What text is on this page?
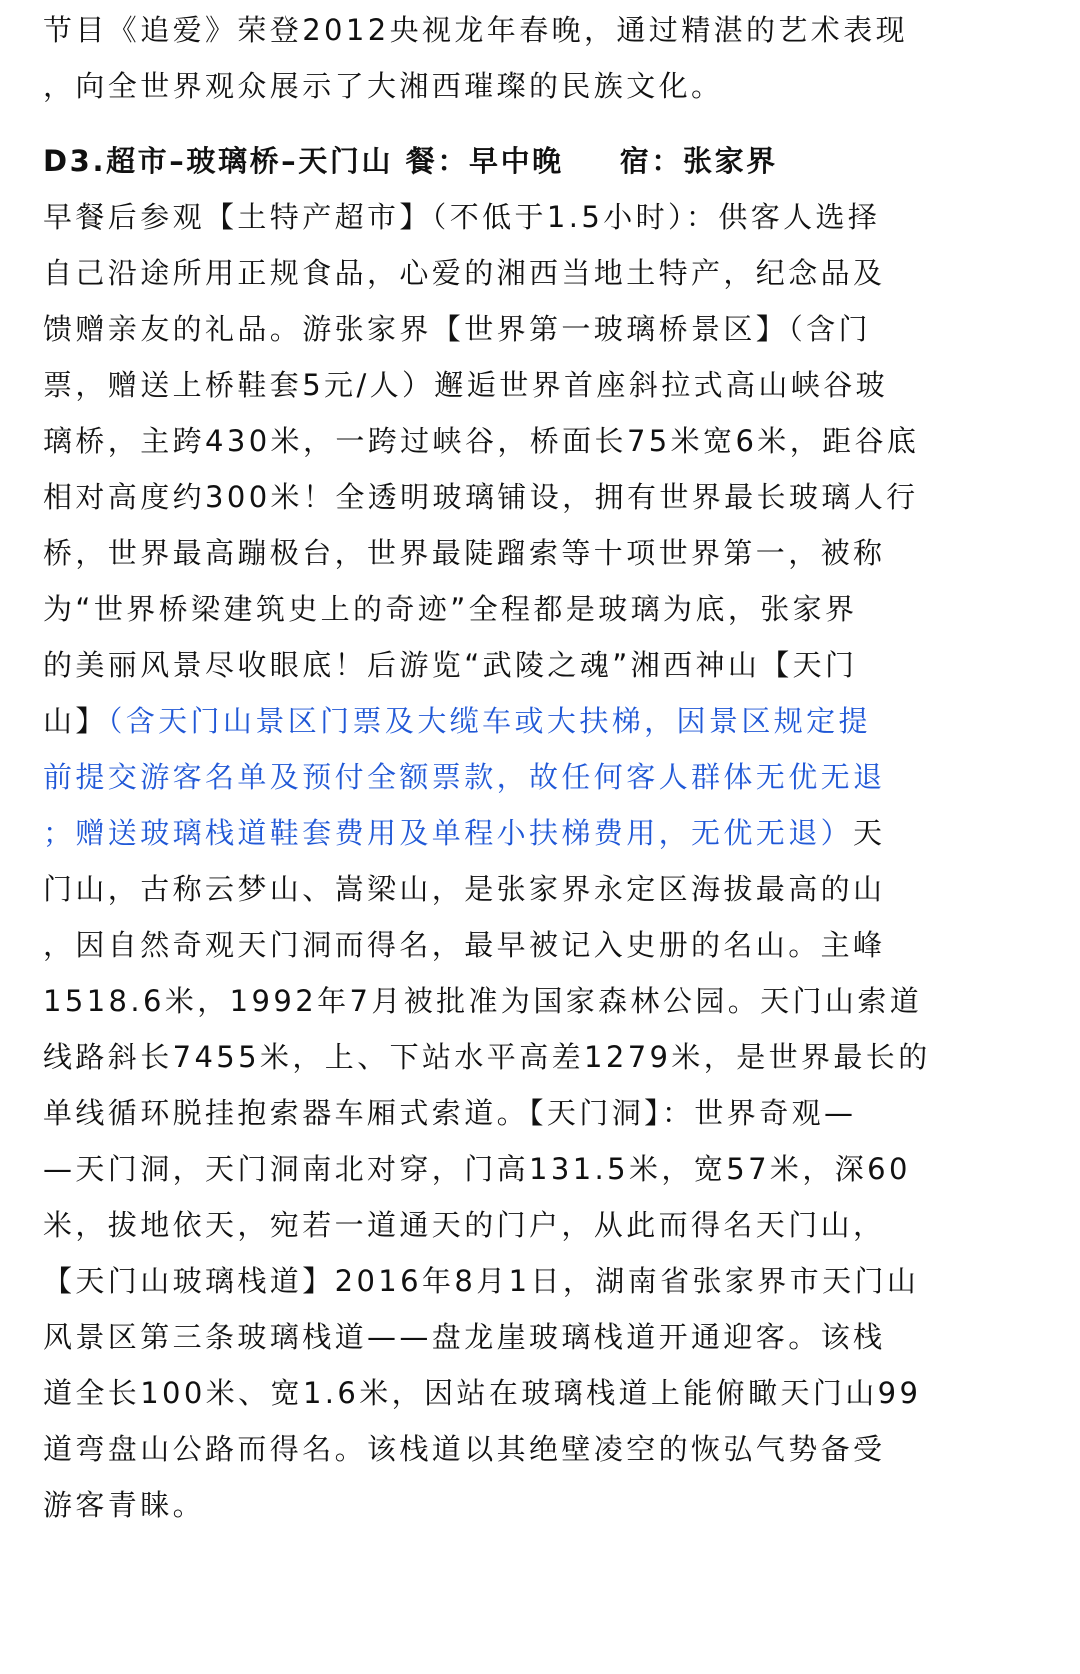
节目《追爱》荣登2012央视龙年春晚，通过精湛的艺术表现
，向全世界观众展示了大湘西璀璨的民族文化。
D3.超市–玻璃桥–天门山 餐：早中晚 宿：张家界
早餐后参观【土特产超市】（不低于1.5小时）：供客人选择
自己沿途所用正规食品，心爱的湘西当地土特产，纪念品及
馈赠亲友的礼品。游张家界【世界第一玻璃桥景区】（含门
票，赠送上桥鞋套5元/人）邂逅世界首座斜拉式高山峡谷玻
璃桥，主跨430米，一跨过峡谷，桥面长75米宽6米，距谷底
相对高度约300米！全透明玻璃铺设，拥有世界最长玻璃人行
桥，世界最高蹦极台，世界最陡蹓索等十项世界第一，被称
为“世界桥梁建筑史上的奇迹”全程都是玻璃为底，张家界
的美丽风景尽收眼底！后游览“武陵之魂”湘西神山【天门
山】（含天门山景区门票及大缆车或大扶梯，因景区规定提
前提交游客名单及预付全额票款，故任何客人群体无优无退
；赠送玻璃栈道鞋套费用及单程小扶梯费用，无优无退）天
门山，古称云梦山、嵩梁山，是张家界永定区海拔最高的山
，因自然奇观天门洞而得名，最早被记入史册的名山。主峰
1518.6米，1992年7月被批准为国家森林公园。天门山索道
线路斜长7455米，上、下站水平高差1279米，是世界最长的
单线循环脱挂抱索器车厢式索道。【天门洞】：世界奇观—
—天门洞，天门洞南北对穿，门高131.5米，宽57米，深60
米，拔地依天，宛若一道通天的门户，从此而得名天门山，
【天门山玻璃栈道】2016年8月1日，湖南省张家界市天门山
风景区第三条玻璃栈道——盘龙崖玻璃栈道开通迎客。该栈
道全长100米、宽1.6米，因站在玻璃栈道上能俯瞰天门山99
道弯盘山公路而得名。该栈道以其绝壁凌空的恢弘气势备受
游客青睐。
